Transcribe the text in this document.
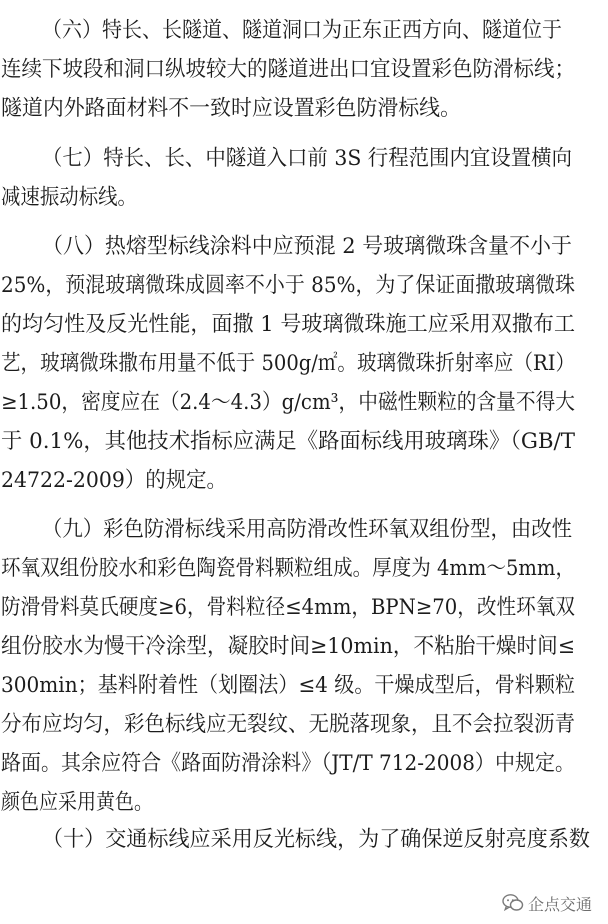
（六）特长、长隧道、隧道洞口为正东正西方向、隧道位于
连续下坡段和洞口纵坡较大的隧道进出口宜设置彩色防滑标线；
隧道内外路面材料不一致时应设置彩色防滑标线。
（七）特长、长、中隧道入口前 3S 行程范围内宜设置横向
减速振动标线。
（八）热熔型标线涂料中应预混 2 号玻璃微珠含量不小于
25%，预混玻璃微珠成圆率不小于 85%，为了保证面撒玻璃微珠
的均匀性及反光性能，面撒 1 号玻璃微珠施工应采用双撒布工
艺，玻璃微珠撒布用量不低于 500g/㎡。玻璃微珠折射率应（RI）
≥1.50，密度应在（2.4～4.3）g/cm³，中磁性颗粒的含量不得大
于 0.1%，其他技术指标应满足《路面标线用玻璃珠》（GB/T
24722-2009）的规定。
（九）彩色防滑标线采用高防滑改性环氧双组份型，由改性
环氧双组份胶水和彩色陶瓷骨料颗粒组成。厚度为 4mm～5mm，
防滑骨料莫氏硬度≥6，骨料粒径≤4mm，BPN≥70，改性环氧双
组份胶水为慢干冷涂型，凝胶时间≥10min，不粘胎干燥时间≤
300min；基料附着性（划圈法）≤4 级。干燥成型后，骨料颗粒
分布应均匀，彩色标线应无裂纹、无脱落现象，且不会拉裂沥青
路面。其余应符合《路面防滑涂料》（JT/T 712-2008）中规定。
颜色应采用黄色。
（十）交通标线应采用反光标线，为了确保逆反射亮度系数
企点交通
